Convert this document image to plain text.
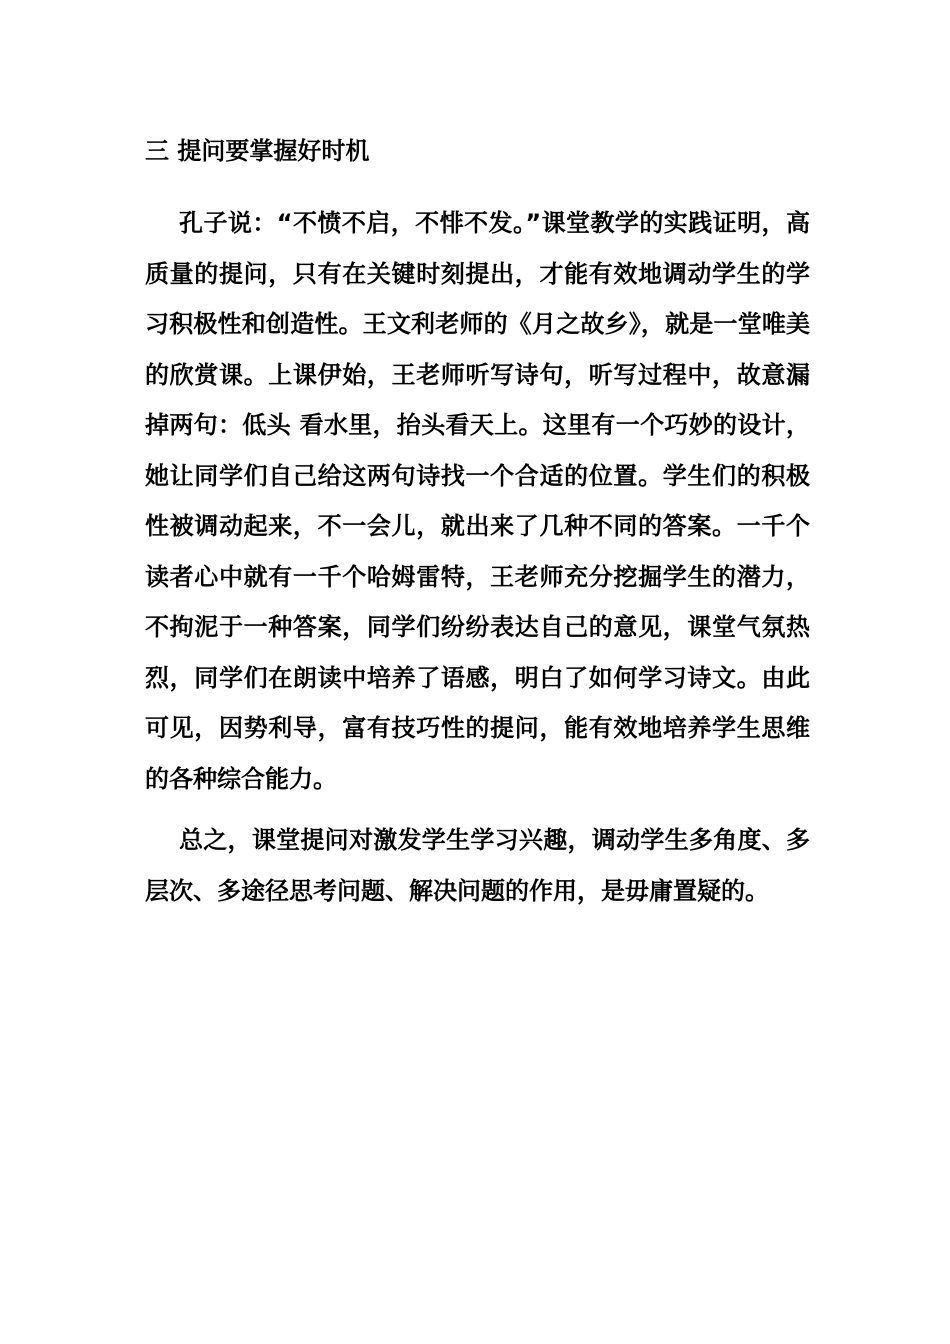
三 提问要掌握好时机

孔子说：“不愤不启，不悱不发。”课堂教学的实践证明，高质量的提问，只有在关键时刻提出，才能有效地调动学生的学习积极性和创造性。王文利老师的《月之故乡》，就是一堂唯美的欣赏课。上课伊始，王老师听写诗句，听写过程中，故意漏掉两句：低头 看水里，抬头看天上。这里有一个巧妙的设计，她让同学们自己给这两句诗找一个合适的位置。学生们的积极性被调动起来，不一会儿，就出来了几种不同的答案。一千个读者心中就有一千个哈姆雷特，王老师充分挖掘学生的潜力，不拘泥于一种答案，同学们纷纷表达自己的意见，课堂气氛热烈，同学们在朗读中培养了语感，明白了如何学习诗文。由此可见，因势利导，富有技巧性的提问，能有效地培养学生思维的各种综合能力。

总之，课堂提问对激发学生学习兴趣，调动学生多角度、多层次、多途径思考问题、解决问题的作用，是毋庸置疑的。
